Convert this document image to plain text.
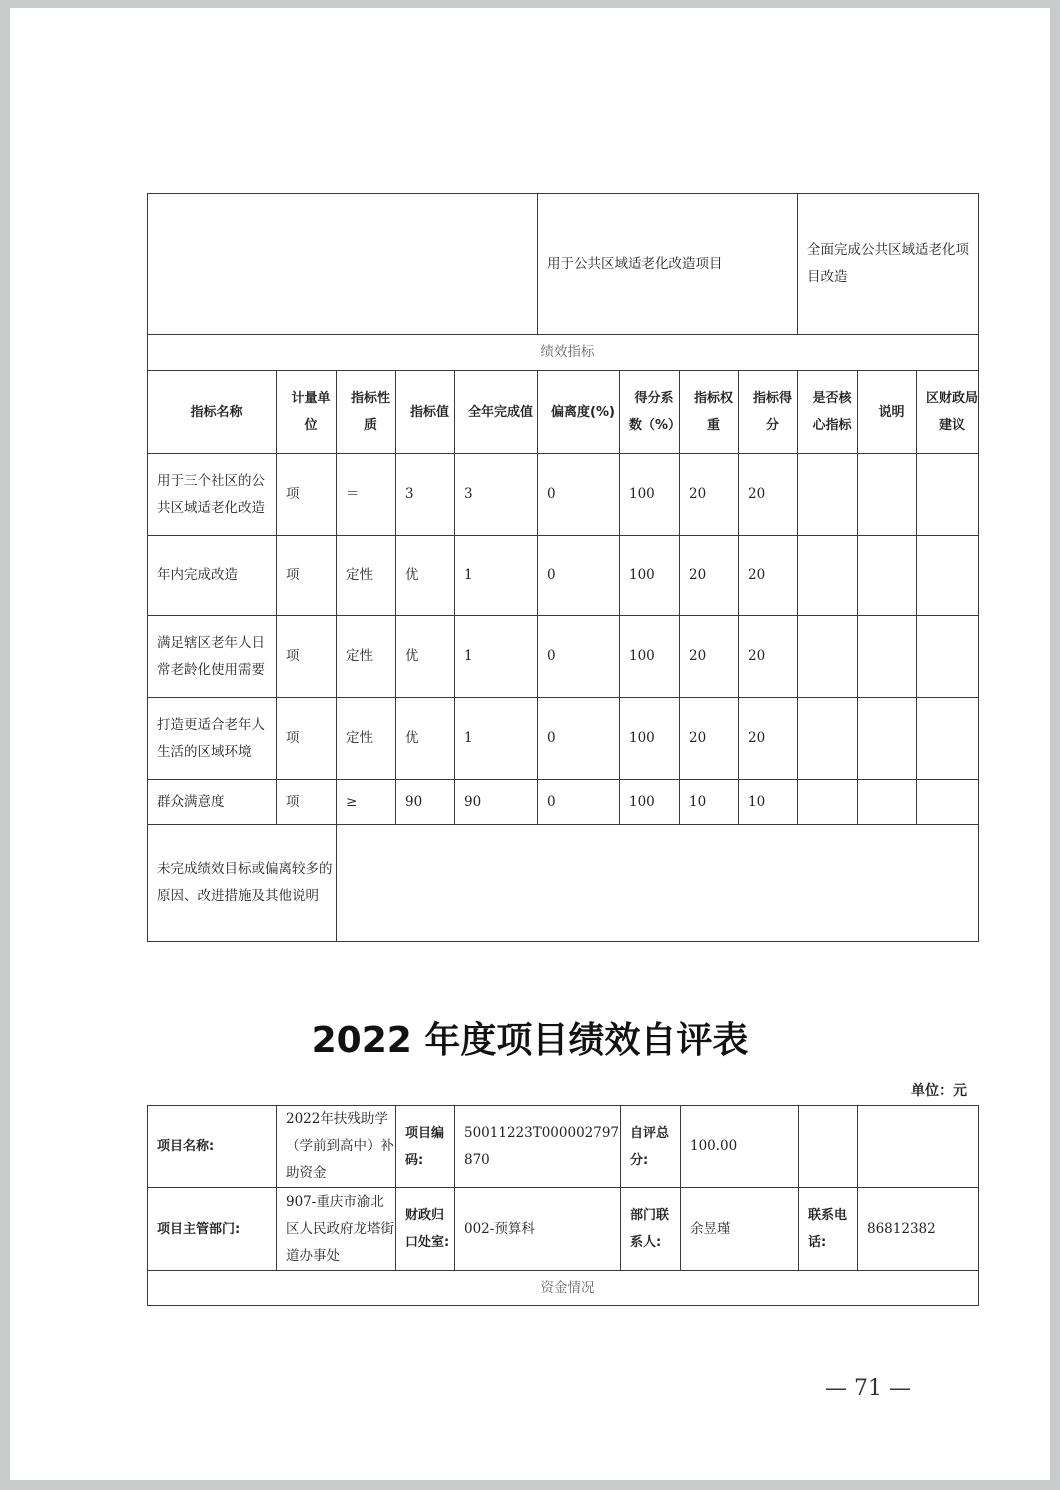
					用于公共区域适老化改造项目				全面完成公共区域适老化项目改造		
绩效指标											
指标名称	计量单位	指标性质	指标值	全年完成值	偏离度(%)	得分系数（%）	指标权重	指标得分	是否核心指标	说明	区财政局建议
用于三个社区的公共区域适老化改造	项	＝	3	3	0	100	20	20			
年内完成改造	项	定性	优	1	0	100	20	20			
满足辖区老年人日常老龄化使用需要	项	定性	优	1	0	100	20	20			
打造更适合老年人生活的区域环境	项	定性	优	1	0	100	20	20			
群众满意度	项	≥	90	90	0	100	10	10			
未完成绩效目标或偏离较多的原因、改进措施及其他说明											
2022 年度项目绩效自评表
单位：元
项目名称:	2022年扶残助学（学前到高中）补助资金	项目编码:	50011223T000002797870	自评总分:	100.00		
项目主管部门:	907-重庆市渝北区人民政府龙塔街道办事处	财政归口处室:	002-预算科	部门联系人:	余昱瑾	联系电话:	86812382
资金情况							
— 71 —
